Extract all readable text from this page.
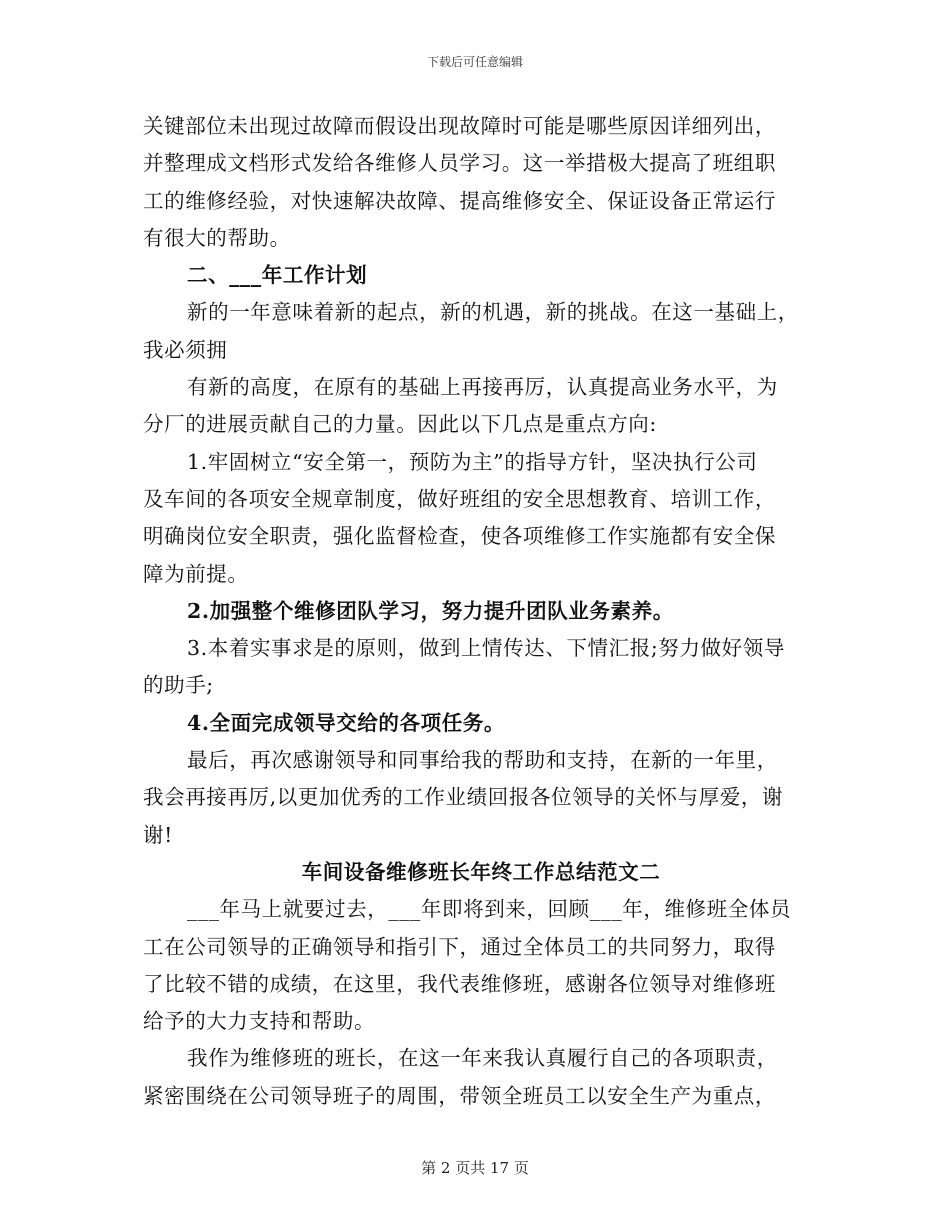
下载后可任意编辑
关键部位未出现过故障而假设出现故障时可能是哪些原因详细列出，
并整理成文档形式发给各维修人员学习。这一举措极大提高了班组职
工的维修经验，对快速解决故障、提高维修安全、保证设备正常运行
有很大的帮助。
二、___年工作计划
新的一年意味着新的起点，新的机遇，新的挑战。在这一基础上，
我必须拥
有新的高度，在原有的基础上再接再厉，认真提高业务水平，为
分厂的进展贡献自己的力量。因此以下几点是重点方向:
1.牢固树立“安全第一，预防为主”的指导方针，坚决执行公司
及车间的各项安全规章制度，做好班组的安全思想教育、培训工作，
明确岗位安全职责，强化监督检查，使各项维修工作实施都有安全保
障为前提。
2.加强整个维修团队学习，努力提升团队业务素养。
3.本着实事求是的原则，做到上情传达、下情汇报;努力做好领导
的助手;
4.全面完成领导交给的各项任务。
最后，再次感谢领导和同事给我的帮助和支持，在新的一年里，
我会再接再厉,以更加优秀的工作业绩回报各位领导的关怀与厚爱，谢
谢!
车间设备维修班长年终工作总结范文二
___年马上就要过去，___年即将到来，回顾___年，维修班全体员
工在公司领导的正确领导和指引下，通过全体员工的共同努力，取得
了比较不错的成绩，在这里，我代表维修班，感谢各位领导对维修班
给予的大力支持和帮助。
我作为维修班的班长，在这一年来我认真履行自己的各项职责，
紧密围绕在公司领导班子的周围，带领全班员工以安全生产为重点，
第 2 页共 17 页
